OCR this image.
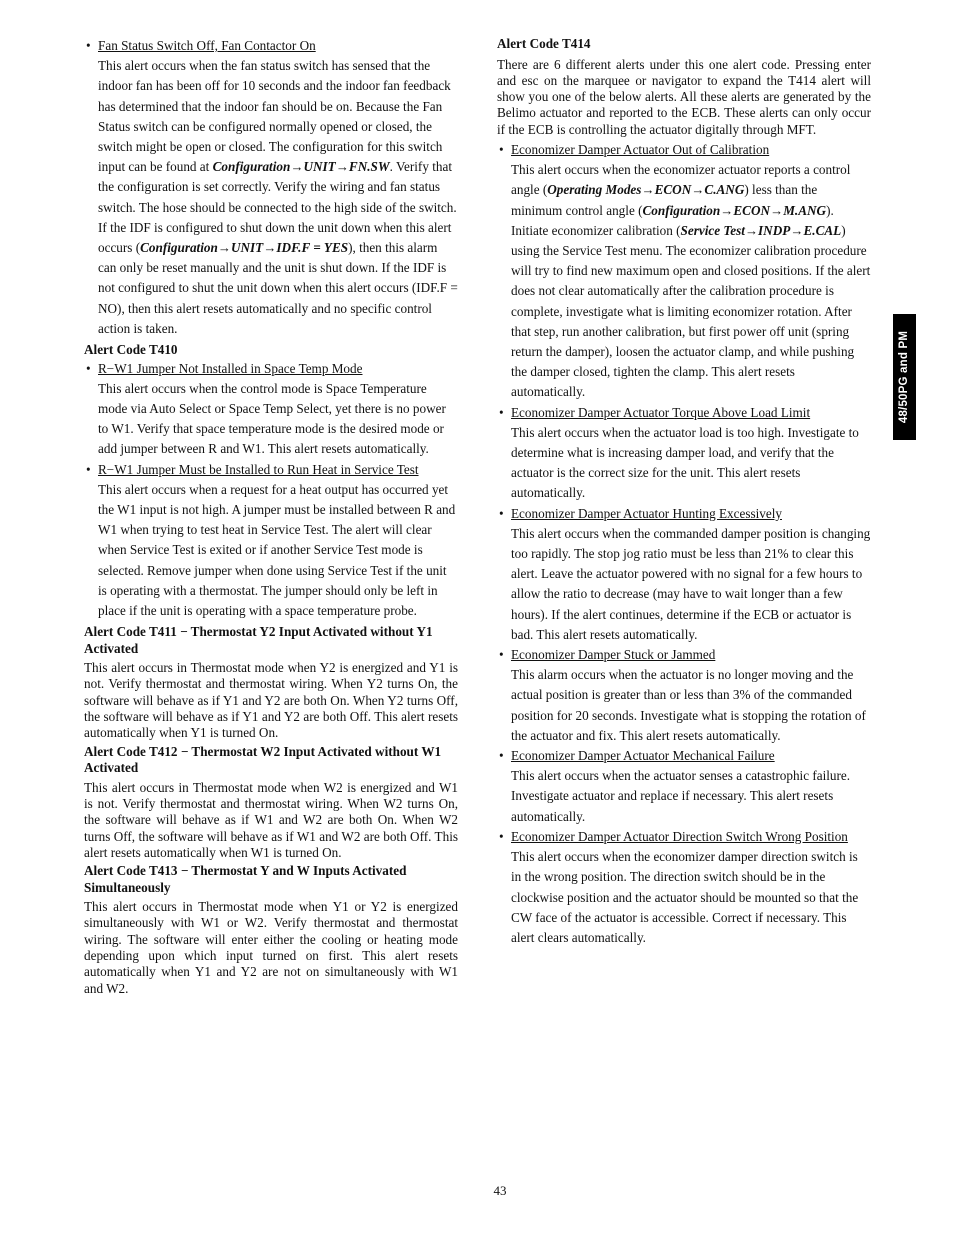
• Fan Status Switch Off, Fan Contactor On

This alert occurs when the fan status switch has sensed that the indoor fan has been off for 10 seconds and the indoor fan feedback has determined that the indoor fan should be on. Because the Fan Status switch can be configured normally opened or closed, the switch might be open or closed. The configuration for this switch input can be found at Configuration→UNIT→FN.SW. Verify that the configuration is set correctly. Verify the wiring and fan status switch. The hose should be connected to the high side of the switch. If the IDF is configured to shut down the unit down when this alert occurs (Configuration→UNIT→IDF.F = YES), then this alarm can only be reset manually and the unit is shut down. If the IDF is not configured to shut the unit down when this alert occurs (IDF.F = NO), then this alert resets automatically and no specific control action is taken.

Alert Code T410
• R−W1 Jumper Not Installed in Space Temp Mode

This alert occurs when the control mode is Space Temperature mode via Auto Select or Space Temp Select, yet there is no power to W1. Verify that space temperature mode is the desired mode or add jumper between R and W1. This alert resets automatically.

• R−W1 Jumper Must be Installed to Run Heat in Service Test

This alert occurs when a request for a heat output has occurred yet the W1 input is not high. A jumper must be installed between R and W1 when trying to test heat in Service Test. The alert will clear when Service Test is exited or if another Service Test mode is selected. Remove jumper when done using Service Test if the unit is operating with a thermostat. The jumper should only be left in place if the unit is operating with a space temperature probe.

Alert Code T411 − Thermostat Y2 Input Activated without Y1 Activated

This alert occurs in Thermostat mode when Y2 is energized and Y1 is not. Verify thermostat and thermostat wiring. When Y2 turns On, the software will behave as if Y1 and Y2 are both On. When Y2 turns Off, the software will behave as if Y1 and Y2 are both Off. This alert resets automatically when Y1 is turned On.

Alert Code T412 − Thermostat W2 Input Activated without W1 Activated

This alert occurs in Thermostat mode when W2 is energized and W1 is not. Verify thermostat and thermostat wiring. When W2 turns On, the software will behave as if W1 and W2 are both On. When W2 turns Off, the software will behave as if W1 and W2 are both Off. This alert resets automatically when W1 is turned On.

Alert Code T413 − Thermostat Y and W Inputs Activated Simultaneously

This alert occurs in Thermostat mode when Y1 or Y2 is energized simultaneously with W1 or W2. Verify thermostat and thermostat wiring. The software will enter either the cooling or heating mode depending upon which input turned on first. This alert resets automatically when Y1 and Y2 are not on simultaneously with W1 and W2.

Alert Code T414

There are 6 different alerts under this one alert code. Pressing enter and esc on the marquee or navigator to expand the T414 alert will show you one of the below alerts. All these alerts are generated by the Belimo actuator and reported to the ECB. These alerts can only occur if the ECB is controlling the actuator digitally through MFT.

• Economizer Damper Actuator Out of Calibration

This alert occurs when the economizer actuator reports a control angle (Operating Modes→ECON→C.ANG) less than the minimum control angle (Configuration→ECON→M.ANG). Initiate economizer calibration (Service Test→INDP→E.CAL) using the Service Test menu. The economizer calibration procedure will try to find new maximum open and closed positions. If the alert does not clear automatically after the calibration procedure is complete, investigate what is limiting economizer rotation. After that step, run another calibration, but first power off unit (spring return the damper), loosen the actuator clamp, and while pushing the damper closed, tighten the clamp. This alert resets automatically.

• Economizer Damper Actuator Torque Above Load Limit

This alert occurs when the actuator load is too high. Investigate to determine what is increasing damper load, and verify that the actuator is the correct size for the unit. This alert resets automatically.

• Economizer Damper Actuator Hunting Excessively

This alert occurs when the commanded damper position is changing too rapidly. The stop jog ratio must be less than 21% to clear this alert. Leave the actuator powered with no signal for a few hours to allow the ratio to decrease (may have to wait longer than a few hours). If the alert continues, determine if the ECB or actuator is bad. This alert resets automatically.

• Economizer Damper Stuck or Jammed

This alarm occurs when the actuator is no longer moving and the actual position is greater than or less than 3% of the commanded position for 20 seconds. Investigate what is stopping the rotation of the actuator and fix. This alert resets automatically.

• Economizer Damper Actuator Mechanical Failure

This alert occurs when the actuator senses a catastrophic failure. Investigate actuator and replace if necessary. This alert resets automatically.

• Economizer Damper Actuator Direction Switch Wrong Position

This alert occurs when the economizer damper direction switch is in the wrong position. The direction switch should be in the clockwise position and the actuator should be mounted so that the CW face of the actuator is accessible. Correct if necessary. This alert clears automatically.

48/50PG and PM
43
